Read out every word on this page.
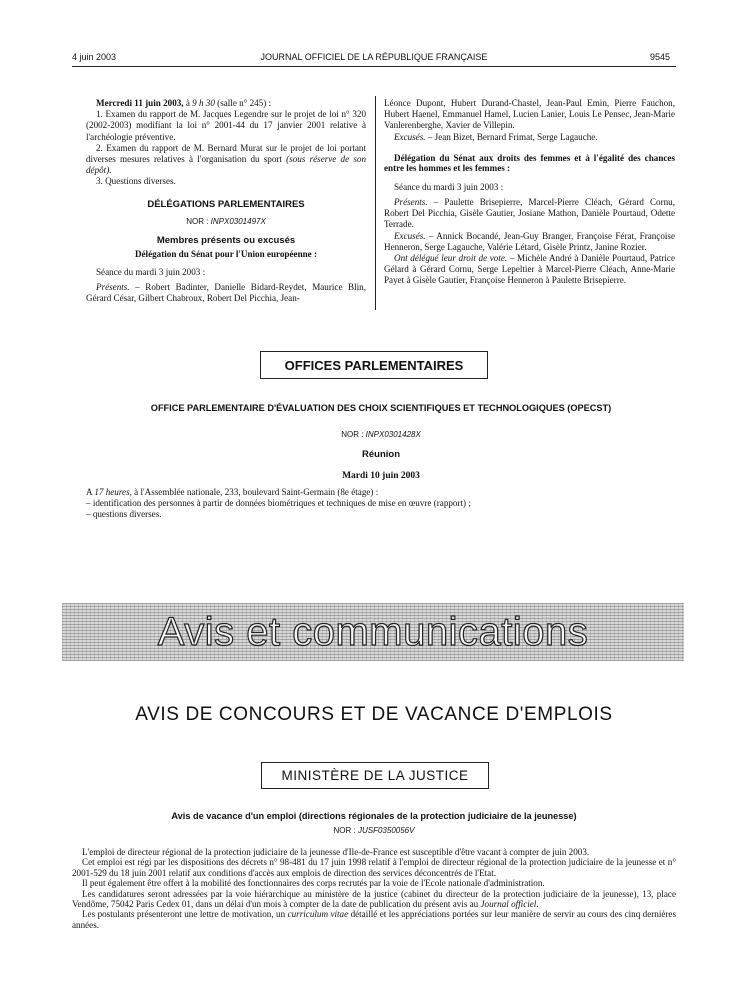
4 juin 2003	JOURNAL OFFICIEL DE LA RÉPUBLIQUE FRANÇAISE	9545

Mercredi 11 juin 2003, à 9 h 30 (salle n° 245) :

1. Examen du rapport de M. Jacques Legendre sur le projet de loi n° 320 (2002-2003) modifiant la loi n° 2001-44 du 17 janvier 2001 relative à l'archéologie préventive.

2. Examen du rapport de M. Bernard Murat sur le projet de loi portant diverses mesures relatives à l'organisation du sport (sous réserve de son dépôt).

3. Questions diverses.

DÉLÉGATIONS PARLEMENTAIRES
NOR : INPX0301497X
Membres présents ou excusés
Délégation du Sénat pour l'Union européenne :

Séance du mardi 3 juin 2003 :

Présents. – Robert Badinter, Danielle Bidard-Reydet, Maurice Blin, Gérard César, Gilbert Chabroux, Robert Del Picchia, Jean-

Léonce Dupont, Hubert Durand-Chastel, Jean-Paul Emin, Pierre Fauchon, Hubert Haenel, Emmanuel Hamel, Lucien Lanier, Louis Le Pensec, Jean-Marie Vanlerenberghe, Xavier de Villepin.

Excusés. – Jean Bizet, Bernard Frimat, Serge Lagauche.

Délégation du Sénat aux droits des femmes et à l'égalité des chances entre les hommes et les femmes :

Séance du mardi 3 juin 2003 :

Présents. – Paulette Brisepierre, Marcel-Pierre Cléach, Gérard Cornu, Robert Del Picchia, Gisèle Gautier, Josiane Mathon, Danièle Pourtaud, Odette Terrade.

Excusés. – Annick Bocandé, Jean-Guy Branger, Françoise Férat, Françoise Henneron, Serge Lagauche, Valérie Létard, Gisèle Printz, Janine Rozier.

Ont délégué leur droit de vote. – Michèle André à Danièle Pourtaud, Patrice Gélard à Gérard Cornu, Serge Lepeltier à Marcel-Pierre Cléach, Anne-Marie Payet à Gisèle Gautier, Françoise Henneron à Paulette Brisepierre.

OFFICES PARLEMENTAIRES
OFFICE PARLEMENTAIRE D'ÉVALUATION DES CHOIX SCIENTIFIQUES ET TECHNOLOGIQUES (OPECST)
NOR : INPX0301428X
Réunion
Mardi 10 juin 2003

A 17 heures, à l'Assemblée nationale, 233, boulevard Saint-Germain (8e étage) :

– identification des personnes à partir de données biométriques et techniques de mise en œuvre (rapport) ;

– questions diverses.

Avis et communications
AVIS DE CONCOURS ET DE VACANCE D'EMPLOIS
MINISTÈRE DE LA JUSTICE
Avis de vacance d'un emploi (directions régionales de la protection judiciaire de la jeunesse)
NOR : JUSF0350056V

L'emploi de directeur régional de la protection judiciaire de la jeunesse d'Ile-de-France est susceptible d'être vacant à compter de juin 2003.

Cet emploi est régi par les dispositions des décrets n° 98-481 du 17 juin 1998 relatif à l'emploi de directeur régional de la protection judiciaire de la jeunesse et n° 2001-529 du 18 juin 2001 relatif aux conditions d'accès aux emplois de direction des services déconcentrés de l'Etat.

Il peut également être offert à la mobilité des fonctionnaires des corps recrutés par la voie de l'Ecole nationale d'administration.

Les candidatures seront adressées par la voie hiérarchique au ministère de la justice (cabinet du directeur de la protection judiciaire de la jeunesse), 13, place Vendôme, 75042 Paris Cedex 01, dans un délai d'un mois à compter de la date de publication du présent avis au Journal officiel.

Les postulants présenteront une lettre de motivation, un curriculum vitae détaillé et les appréciations portées sur leur manière de servir au cours des cinq dernières années.
